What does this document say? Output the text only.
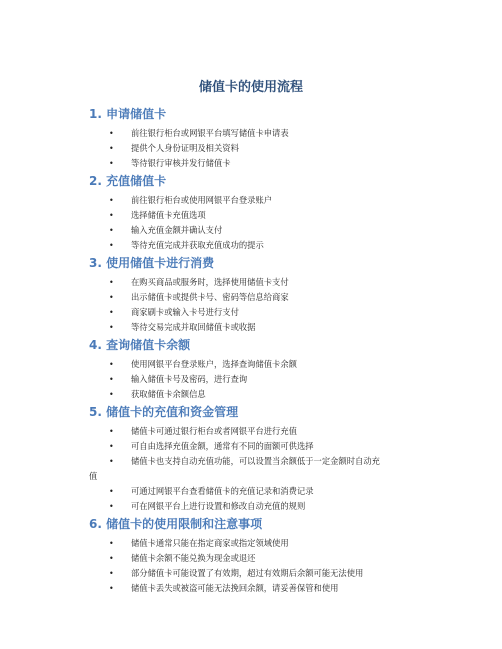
储值卡的使用流程
1. 申请储值卡
• 前往银行柜台或网银平台填写储值卡申请表
• 提供个人身份证明及相关资料
• 等待银行审核并发行储值卡
2. 充值储值卡
• 前往银行柜台或使用网银平台登录账户
• 选择储值卡充值选项
• 输入充值金额并确认支付
• 等待充值完成并获取充值成功的提示
3. 使用储值卡进行消费
• 在购买商品或服务时，选择使用储值卡支付
• 出示储值卡或提供卡号、密码等信息给商家
• 商家刷卡或输入卡号进行支付
• 等待交易完成并取回储值卡或收据
4. 查询储值卡余额
• 使用网银平台登录账户，选择查询储值卡余额
• 输入储值卡号及密码，进行查询
• 获取储值卡余额信息
5. 储值卡的充值和资金管理
• 储值卡可通过银行柜台或者网银平台进行充值
• 可自由选择充值金额，通常有不同的面额可供选择
• 储值卡也支持自动充值功能，可以设置当余额低于一定金额时自动充
值
• 可通过网银平台查看储值卡的充值记录和消费记录
• 可在网银平台上进行设置和修改自动充值的规则
6. 储值卡的使用限制和注意事项
• 储值卡通常只能在指定商家或指定领域使用
• 储值卡余额不能兑换为现金或退还
• 部分储值卡可能设置了有效期，超过有效期后余额可能无法使用
• 储值卡丢失或被盗可能无法挽回余额，请妥善保管和使用
